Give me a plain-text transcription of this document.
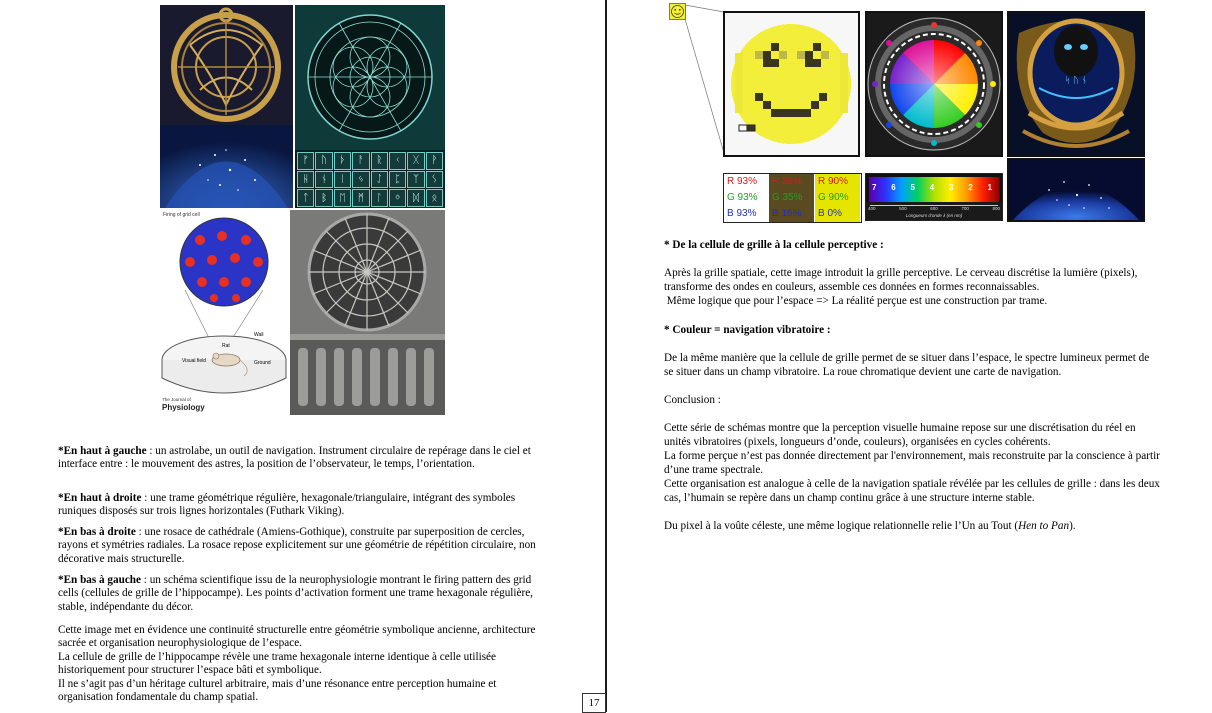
ᚠ	ᚢ	ᚦ	ᚨ	ᚱ	ᚲ	ᚷ	ᚹ
ᚺ	ᚾ	ᛁ	ᛃ	ᛇ	ᛈ	ᛉ	ᛊ
ᛏ	ᛒ	ᛖ	ᛗ	ᛚ	ᛜ	ᛞ	ᛟ
Firing of grid cell
Wall
Rat
Visual field	Ground
The Journal of
Physiology

*En haut à gauche : un astrolabe, un outil de navigation. Instrument circulaire de repérage dans le ciel et interface entre : le mouvement des astres, la position de l’observateur, le temps, l’orientation.

*En haut à droite : une trame géométrique régulière, hexagonale/triangulaire, intégrant des symboles runiques disposés sur trois lignes horizontales (Futhark Viking).

*En bas à droite : une rosace de cathédrale (Amiens-Gothique), construite par superposition de cercles, rayons et symétries radiales. La rosace repose explicitement sur une géométrie de répétition circulaire, non décorative mais structurelle.

*En bas à gauche : un schéma scientifique issu de la neurophysiologie montrant le firing pattern des grid cells (cellules de grille de l’hippocampe). Les points d’activation forment une trame hexagonale régulière, stable, indépendante du décor.

Cette image met en évidence une continuité structurelle entre géométrie symbolique ancienne, architecture sacrée et organisation neurophysiologique de l’espace.
La cellule de grille de l’hippocampe révèle une trame hexagonale interne identique à celle utilisée historiquement pour structurer l’espace bâti et symbolique.
Il ne s’agit pas d’un héritage culturel arbitraire, mais d’une résonance entre perception humaine et organisation fondamentale du champ spatial.	17
ᛋ ᚢ ᚾ
R 93%
G 93%
B 93%
R 35%
G 35%
B 16%
R 90%
G 90%
B 0%
7 6 5 4 3 2 1
400	500	600	700	800
Longueurs d’onde λ (en nm)

* De la cellule de grille à la cellule perceptive :

Après la grille spatiale, cette image introduit la grille perceptive. Le cerveau discrétise la lumière (pixels), transforme des ondes en couleurs, assemble ces données en formes reconnaissables.
Même logique que pour l’espace => La réalité perçue est une construction par trame.

* Couleur = navigation vibratoire :

De la même manière que la cellule de grille permet de se situer dans l’espace, le spectre lumineux permet de se situer dans un champ vibratoire. La roue chromatique devient une carte de navigation.

Conclusion :

Cette série de schémas montre que la perception visuelle humaine repose sur une discrétisation du réel en unités vibratoires (pixels, longueurs d’onde, couleurs), organisées en cycles cohérents.
La forme perçue n’est pas donnée directement par l'environnement, mais reconstruite par la conscience à partir d’une trame spectrale.
Cette organisation est analogue à celle de la navigation spatiale révélée par les cellules de grille : dans les deux cas, l’humain se repère dans un champ continu grâce à une structure interne stable.

Du pixel à la voûte céleste, une même logique relationnelle relie l’Un au Tout (Hen to Pan).
